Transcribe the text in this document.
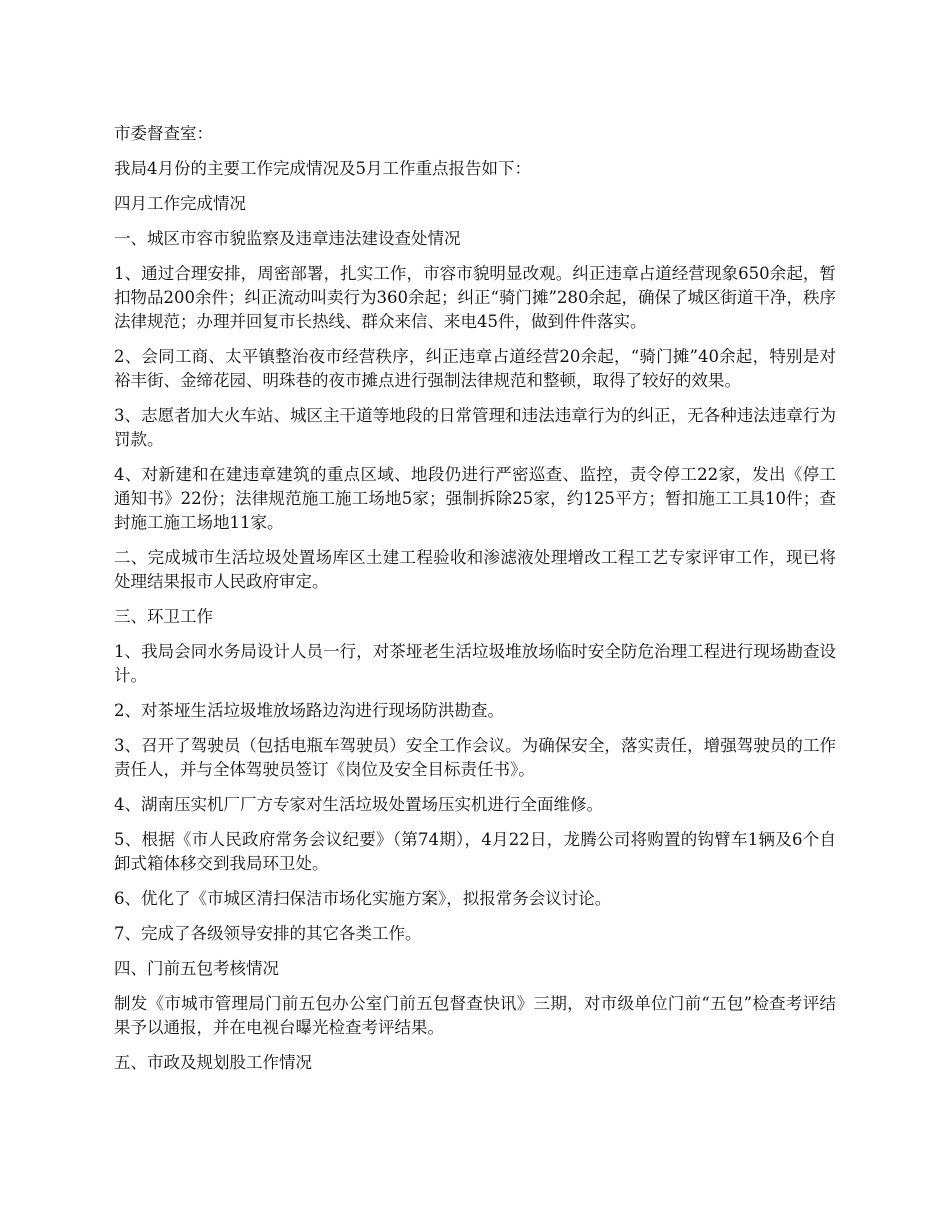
市委督查室：

我局4月份的主要工作完成情况及5月工作重点报告如下：

四月工作完成情况

一、城区市容市貌监察及违章违法建设查处情况

1、通过合理安排，周密部署，扎实工作，市容市貌明显改观。纠正违章占道经营现象650余起，暂扣物品200余件；纠正流动叫卖行为360余起；纠正“骑门摊”280余起，确保了城区街道干净，秩序法律规范；办理并回复市长热线、群众来信、来电45件，做到件件落实。

2、会同工商、太平镇整治夜市经营秩序，纠正违章占道经营20余起，“骑门摊”40余起，特别是对裕丰街、金缔花园、明珠巷的夜市摊点进行强制法律规范和整顿，取得了较好的效果。

3、志愿者加大火车站、城区主干道等地段的日常管理和违法违章行为的纠正，无各种违法违章行为罚款。

4、对新建和在建违章建筑的重点区域、地段仍进行严密巡查、监控，责令停工22家，发出《停工通知书》22份；法律规范施工施工场地5家；强制拆除25家，约125平方；暂扣施工工具10件；查封施工施工场地11家。

二、完成城市生活垃圾处置场库区土建工程验收和渗滤液处理增改工程工艺专家评审工作，现已将处理结果报市人民政府审定。

三、环卫工作

1、我局会同水务局设计人员一行，对茶垭老生活垃圾堆放场临时安全防危治理工程进行现场勘查设计。

2、对茶垭生活垃圾堆放场路边沟进行现场防洪勘查。

3、召开了驾驶员（包括电瓶车驾驶员）安全工作会议。为确保安全，落实责任，增强驾驶员的工作责任人，并与全体驾驶员签订《岗位及安全目标责任书》。

4、湖南压实机厂厂方专家对生活垃圾处置场压实机进行全面维修。

5、根据《市人民政府常务会议纪要》（第74期），4月22日，龙腾公司将购置的钩臂车1辆及6个自卸式箱体移交到我局环卫处。

6、优化了《市城区清扫保洁市场化实施方案》，拟报常务会议讨论。

7、完成了各级领导安排的其它各类工作。

四、门前五包考核情况

制发《市城市管理局门前五包办公室门前五包督查快讯》三期，对市级单位门前“五包”检查考评结果予以通报，并在电视台曝光检查考评结果。

五、市政及规划股工作情况
